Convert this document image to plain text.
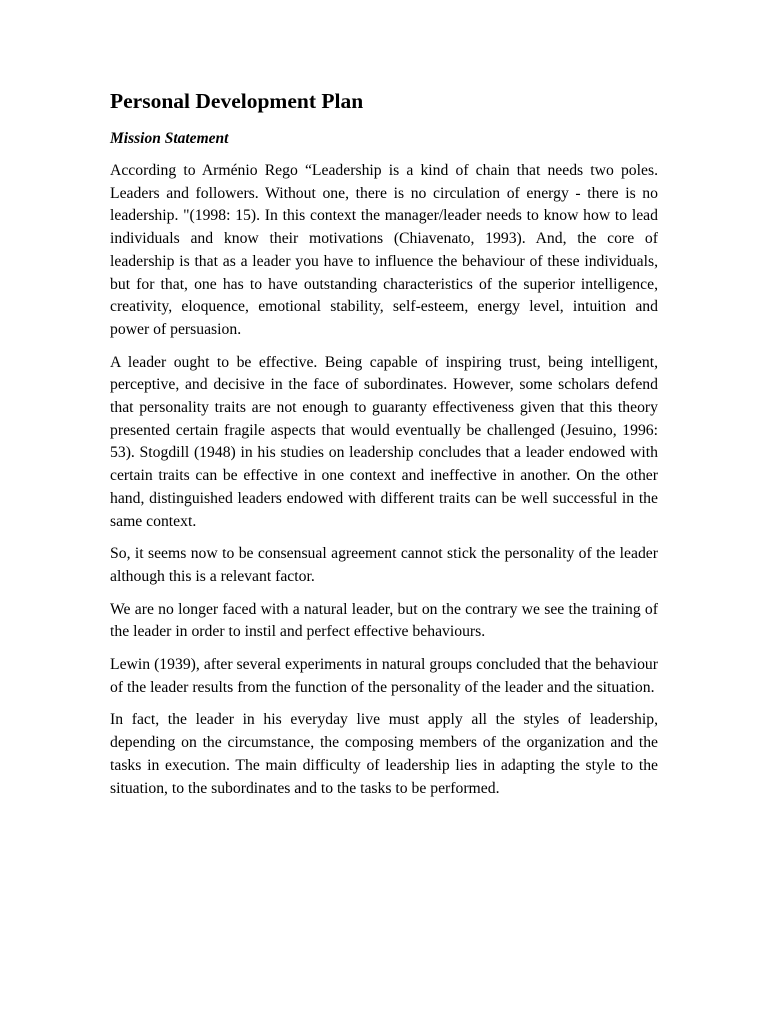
Personal Development Plan
Mission Statement

According to Arménio Rego “Leadership is a kind of chain that needs two poles. Leaders and followers. Without one, there is no circulation of energy - there is no leadership. "(1998: 15). In this context the manager/leader needs to know how to lead individuals and know their motivations (Chiavenato, 1993). And, the core of leadership is that as a leader you have to influence the behaviour of these individuals, but for that, one has to have outstanding characteristics of the superior intelligence, creativity, eloquence, emotional stability, self-esteem, energy level, intuition and power of persuasion.

A leader ought to be effective. Being capable of inspiring trust, being intelligent, perceptive, and decisive in the face of subordinates. However, some scholars defend that personality traits are not enough to guaranty effectiveness given that this theory presented certain fragile aspects that would eventually be challenged (Jesuino, 1996: 53). Stogdill (1948) in his studies on leadership concludes that a leader endowed with certain traits can be effective in one context and ineffective in another. On the other hand, distinguished leaders endowed with different traits can be well successful in the same context.

So, it seems now to be consensual agreement cannot stick the personality of the leader although this is a relevant factor.

We are no longer faced with a natural leader, but on the contrary we see the training of the leader in order to instil and perfect effective behaviours.

Lewin (1939), after several experiments in natural groups concluded that the behaviour of the leader results from the function of the personality of the leader and the situation.

In fact, the leader in his everyday live must apply all the styles of leadership, depending on the circumstance, the composing members of the organization and the tasks in execution. The main difficulty of leadership lies in adapting the style to the situation, to the subordinates and to the tasks to be performed.
